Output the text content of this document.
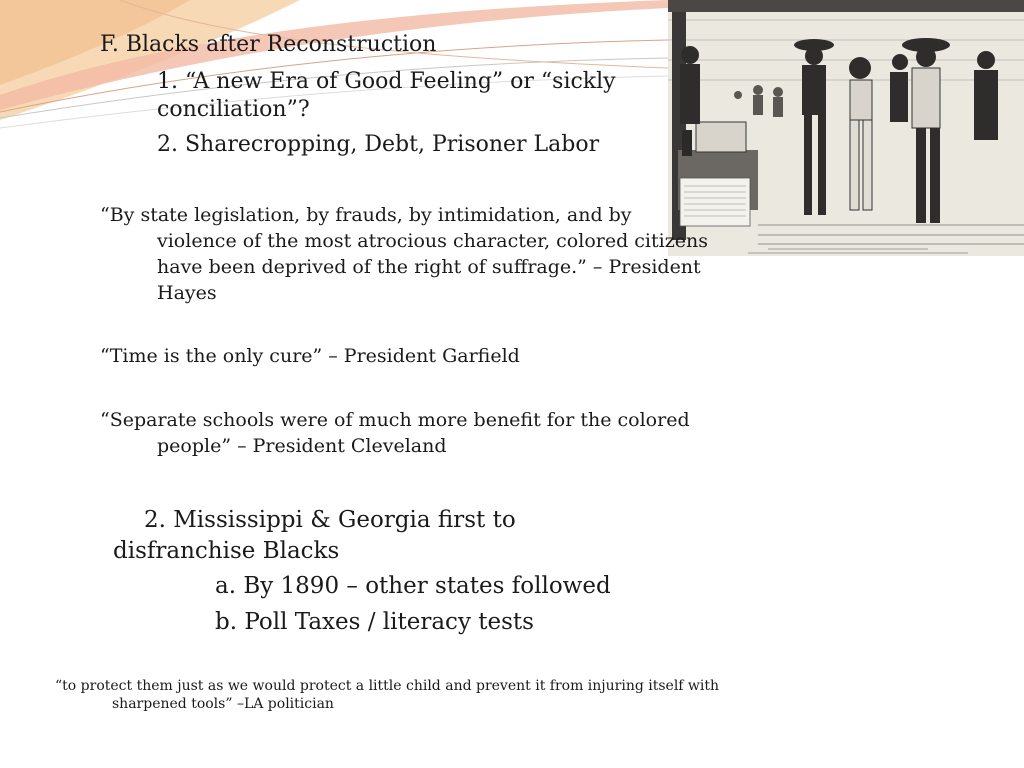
F. Blacks after Reconstruction

1. “A new Era of Good Feeling” or “sickly conciliation”?

2. Sharecropping, Debt, Prisoner Labor

“By state legislation, by frauds, by intimidation, and by violence of the most atrocious character, colored citizens have been deprived of the right of suffrage.” – President Hayes

“Time is the only cure” – President Garfield

“Separate schools were of much more benefit for the colored people” – President Cleveland

2. Mississippi & Georgia first to disfranchise Blacks

a. By 1890 – other states followed

b. Poll Taxes / literacy tests

“to protect them just as we would protect a little child and prevent it from injuring itself with sharpened tools” –LA politician
